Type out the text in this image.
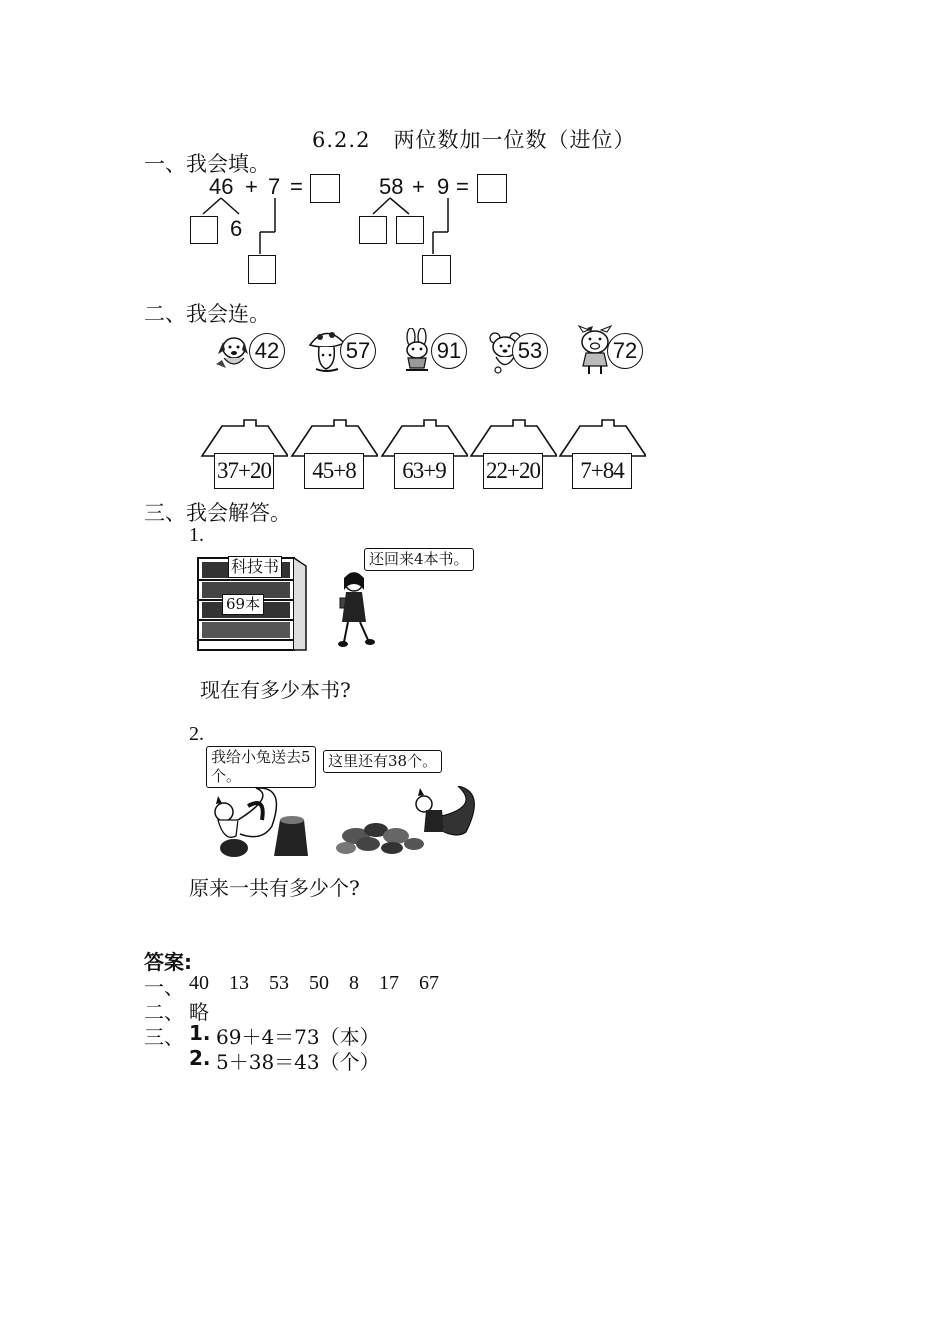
6.2.2   两位数加一位数（进位）
一、我会填。
46 + 7 =
6
58 + 9 =
二、我会连。
42	57	91	53	72
37+20	45+8	63+9	22+20	7+84
三、我会解答。
1.
科技书
69本
还回来4本书。
现在有多少本书?
2.
我给小兔送去5个。
这里还有38个。
原来一共有多少个?
答案:
一、 40    13    53    50    8    17    67
二、 略
三、 1. 69＋4＝73（本）
2. 5＋38＝43（个）
